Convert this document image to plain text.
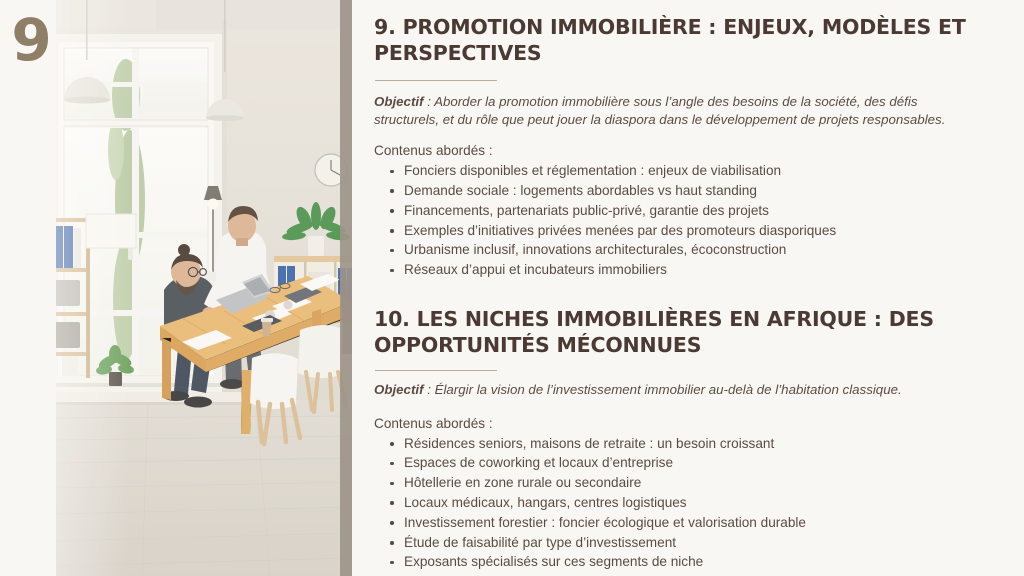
9	9. PROMOTION IMMOBILIÈRE : ENJEUX, MODÈLES ET PERSPECTIVES

Objectif : Aborder la promotion immobilière sous l’angle des besoins de la société, des défis structurels, et du rôle que peut jouer la diaspora dans le développement de projets responsables.

Contenus abordés :
Fonciers disponibles et réglementation : enjeux de viabilisation
Demande sociale : logements abordables vs haut standing
Financements, partenariats public-privé, garantie des projets
Exemples d’initiatives privées menées par des promoteurs diasporiques
Urbanisme inclusif, innovations architecturales, écoconstruction
Réseaux d’appui et incubateurs immobiliers
10. LES NICHES IMMOBILIÈRES EN AFRIQUE : DES OPPORTUNITÉS MÉCONNUES

Objectif : Élargir la vision de l’investissement immobilier au-delà de l’habitation classique.

Contenus abordés :
Résidences seniors, maisons de retraite : un besoin croissant
Espaces de coworking et locaux d’entreprise
Hôtellerie en zone rurale ou secondaire
Locaux médicaux, hangars, centres logistiques
Investissement forestier : foncier écologique et valorisation durable
Étude de faisabilité par type d’investissement
Exposants spécialisés sur ces segments de niche
